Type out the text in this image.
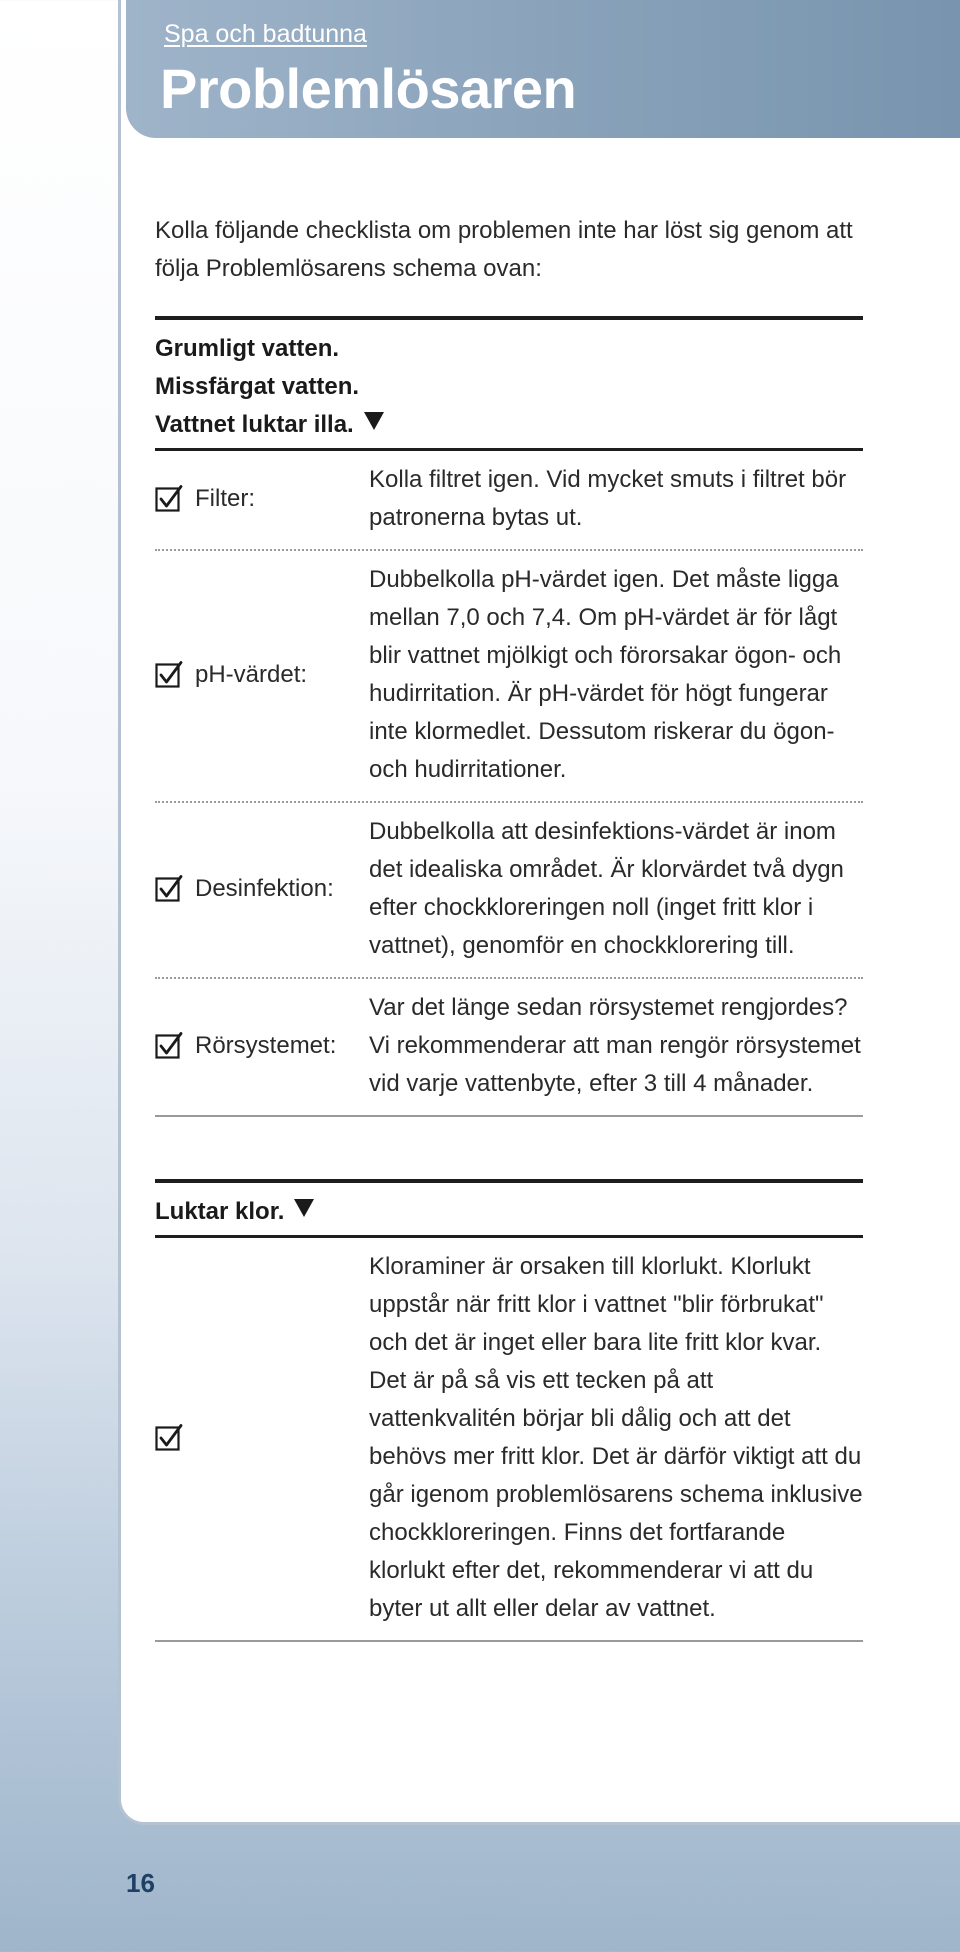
Spa och badtunna
Problemlösaren

Kolla följande checklista om problemen inte har löst sig genom att följa Problemlösarens schema ovan:

Grumligt vatten.
Missfärgat vatten.
Vattnet luktar illa.
Filter:
Kolla filtret igen. Vid mycket smuts i filtret bör patronerna bytas ut.
pH-värdet:
Dubbelkolla pH-värdet igen. Det måste ligga mellan 7,0 och 7,4. Om pH-värdet är för lågt blir vattnet mjölkigt och förorsakar ögon- och hudirritation. Är pH-värdet för högt fungerar inte klormedlet. Dessutom riskerar du ögon- och hudirritationer.
Desinfektion:
Dubbelkolla att desinfektions-värdet är inom det idealiska området. Är klorvärdet två dygn efter chockkloreringen noll (inget fritt klor i vattnet), genomför en chockklorering till.
Rörsystemet:
Var det länge sedan rörsystemet rengjordes? Vi rekommenderar att man rengör rörsystemet vid varje vattenbyte, efter 3 till 4 månader.
Luktar klor.
Kloraminer är orsaken till klorlukt. Klorlukt uppstår när fritt klor i vattnet "blir förbrukat" och det är inget eller bara lite fritt klor kvar. Det är på så vis ett tecken på att vattenkvalitén börjar bli dålig och att det behövs mer fritt klor. Det är därför viktigt att du går igenom problemlösarens schema inklusive chockkloreringen. Finns det fortfarande klorlukt efter det, rekommenderar vi att du byter ut allt eller delar av vattnet.
16
